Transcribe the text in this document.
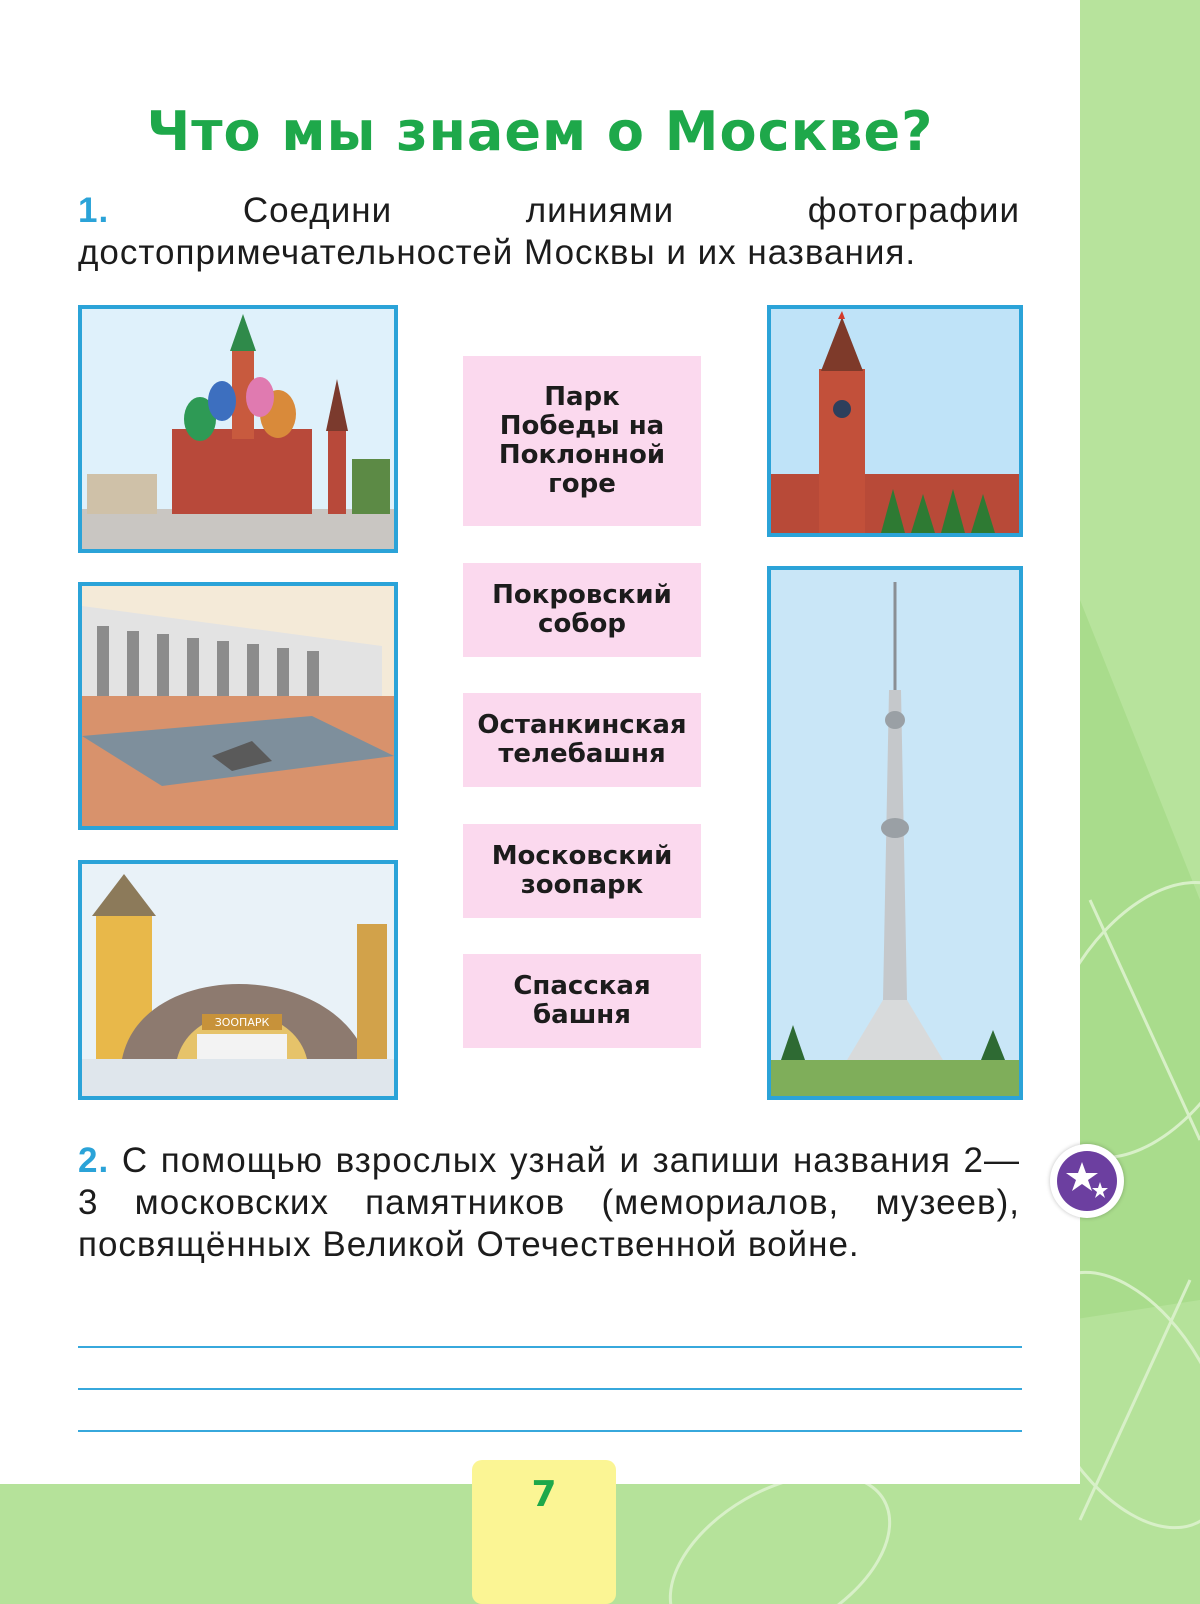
Что мы знаем о Москве?

1.	Соедини линиями фотографии достопримечательностей Москвы и их названия.

ЗООПАРК
Парк Победы на Поклонной горе
Покровский собор
Останкинская телебашня
Московский зоопарк
Спасская башня

2. С помощью взрослых узнай и запиши названия 2—3 московских памятников (мемориалов, музеев), посвящённых Великой Отечественной войне.

7
